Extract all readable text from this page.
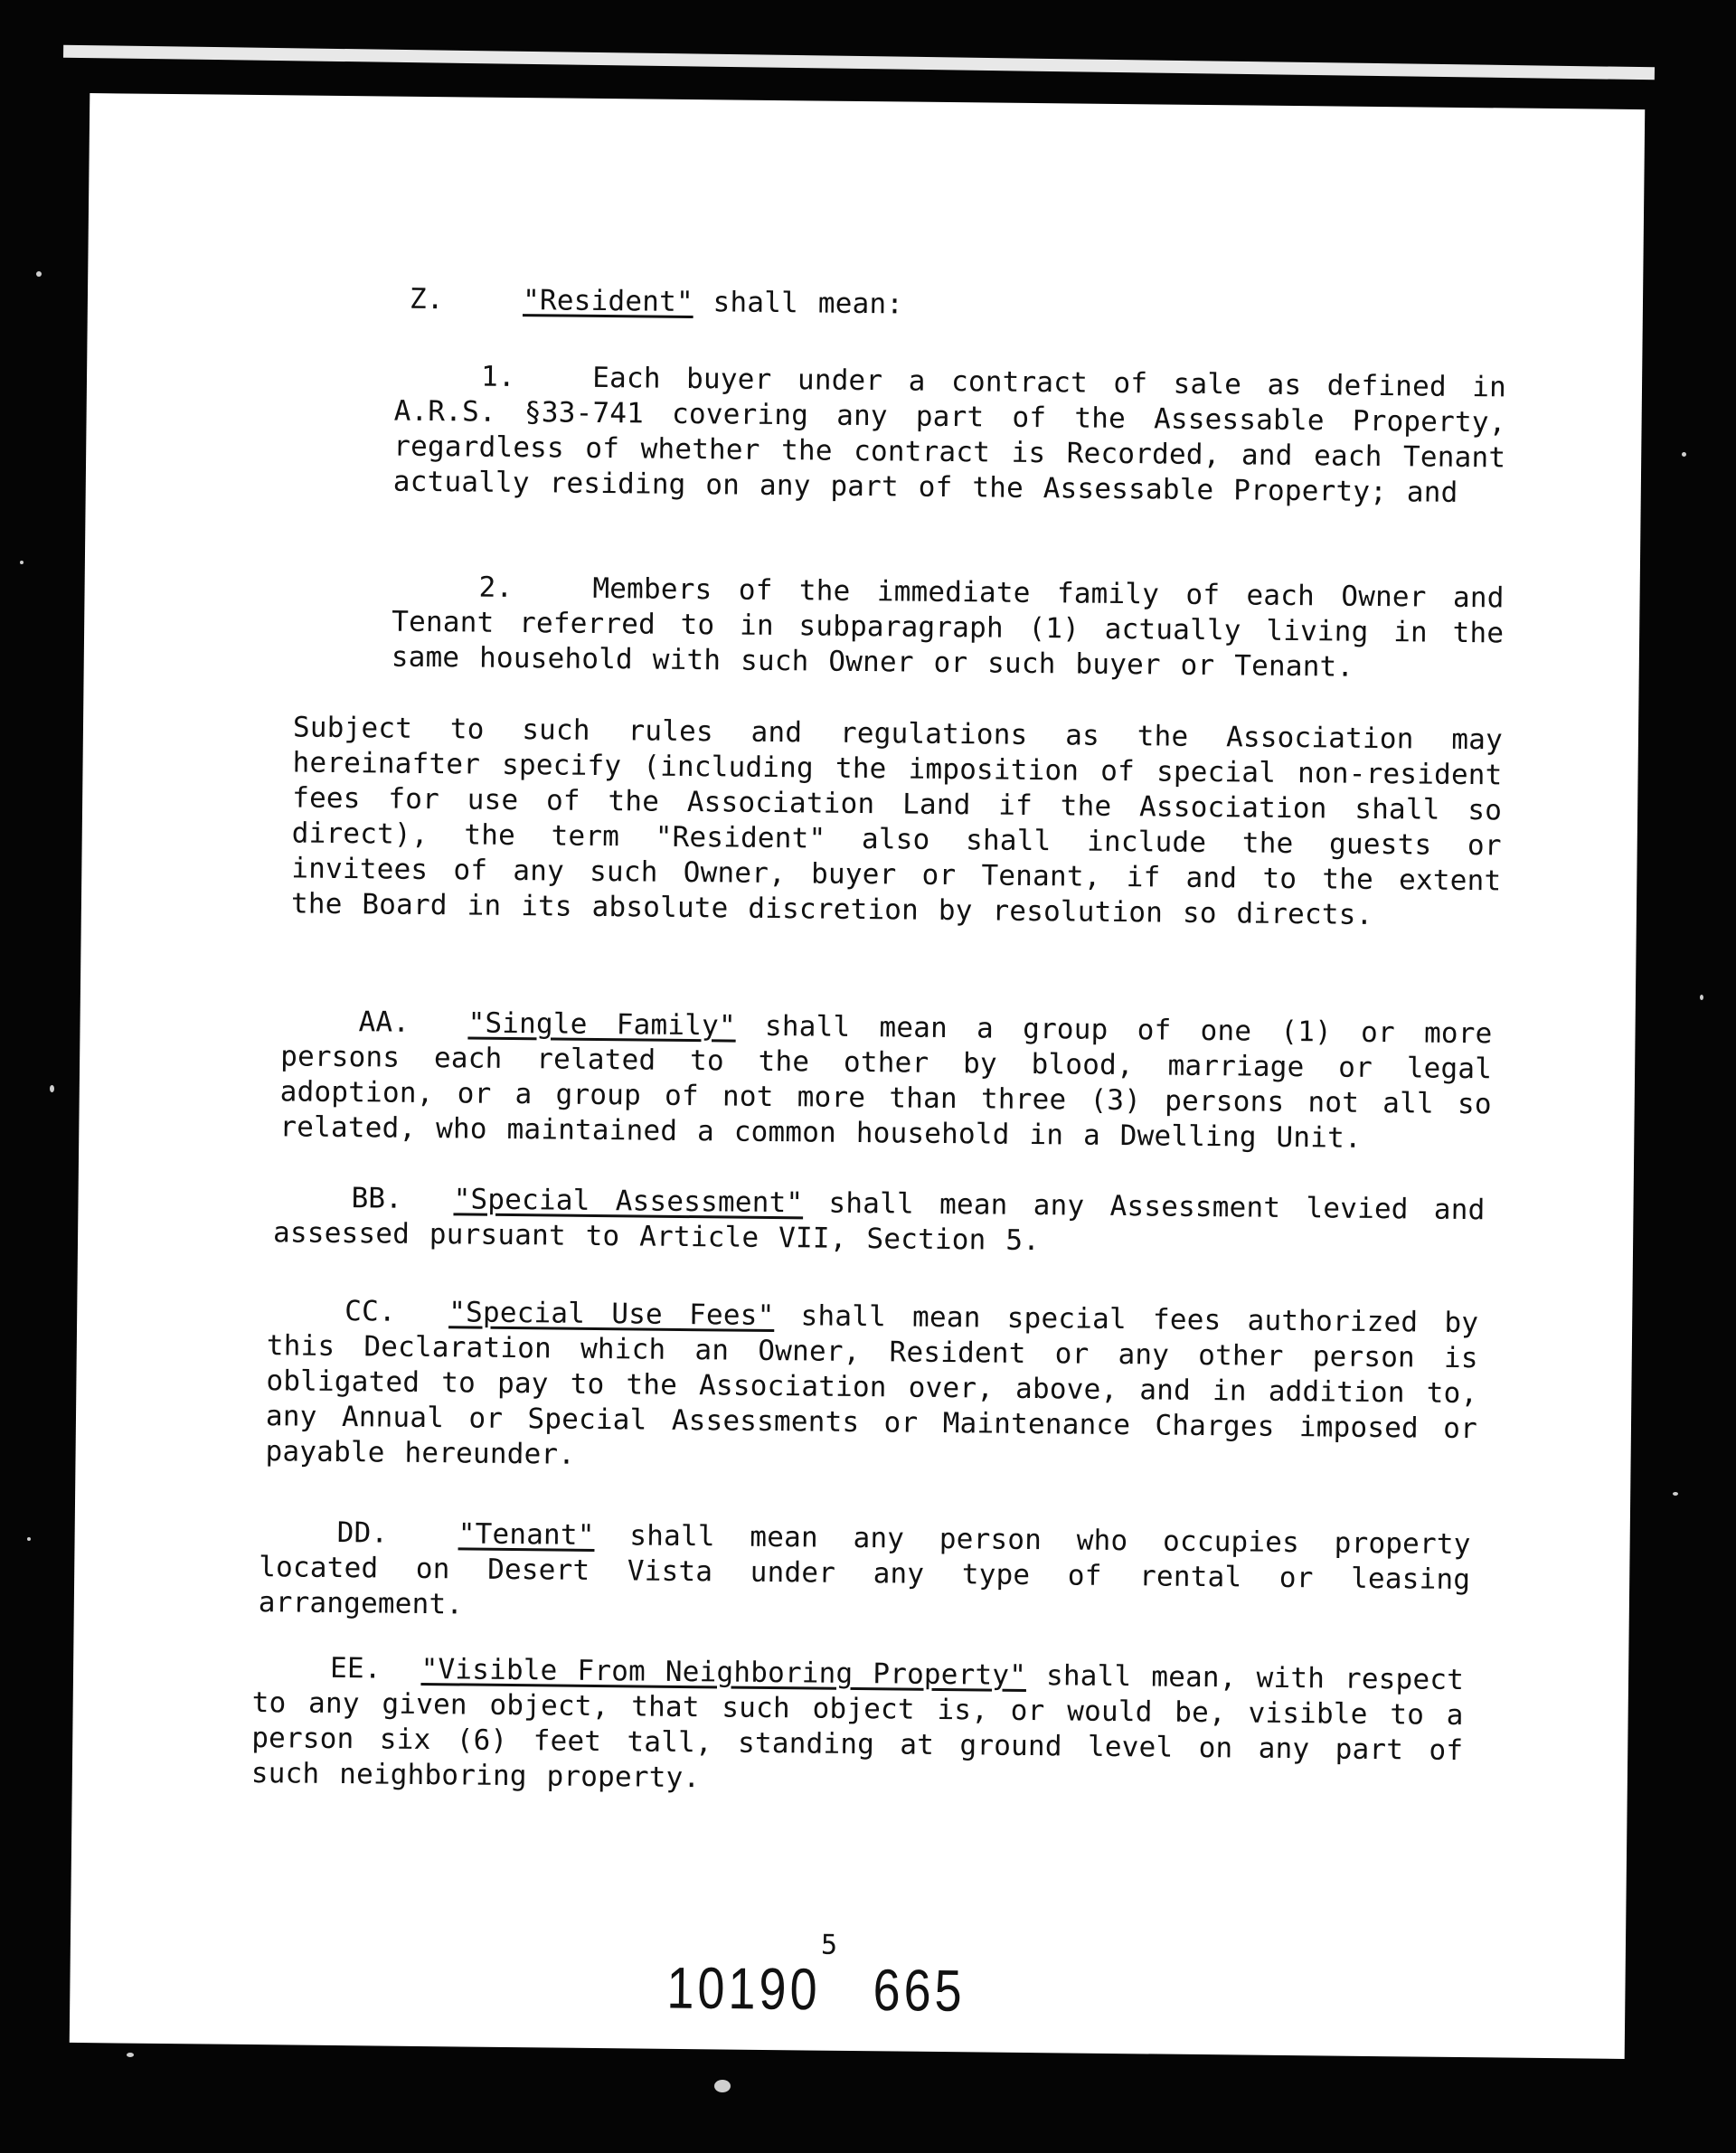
Z.	"Resident" shall mean:

1.	Each buyer under a contract of sale as defined in A.R.S. §33-741 covering any part of the Assessable Property, regardless of whether the contract is Recorded, and each Tenant actually residing on any part of the Assessable Property; and

2.	Members of the immediate family of each Owner and Tenant referred to in subparagraph (1) actually living in the same household with such Owner or such buyer or Tenant.

Subject to such rules and regulations as the Association may hereinafter specify (including the imposition of special non-resident fees for use of the Association Land if the Association shall so direct), the term "Resident" also shall include the guests or invitees of any such Owner, buyer or Tenant, if and to the extent the Board in its absolute discretion by resolution so directs.

AA. "Single Family" shall mean a group of one (1) or more persons each related to the other by blood, marriage or legal adoption, or a group of not more than three (3) persons not all so related, who maintained a common household in a Dwelling Unit.

BB. "Special Assessment" shall mean any Assessment levied and assessed pursuant to Article VII, Section 5.

CC. "Special Use Fees" shall mean special fees authorized by this Declaration which an Owner, Resident or any other person is obligated to pay to the Association over, above, and in addition to, any Annual or Special Assessments or Maintenance Charges imposed or payable hereunder.

DD. "Tenant" shall mean any person who occupies property located on Desert Vista under any type of rental or leasing arrangement.

EE. "Visible From Neighboring Property" shall mean, with respect to any given object, that such object is, or would be, visible to a person six (6) feet tall, standing at ground level on any part of such neighboring property.

5
10190 665
